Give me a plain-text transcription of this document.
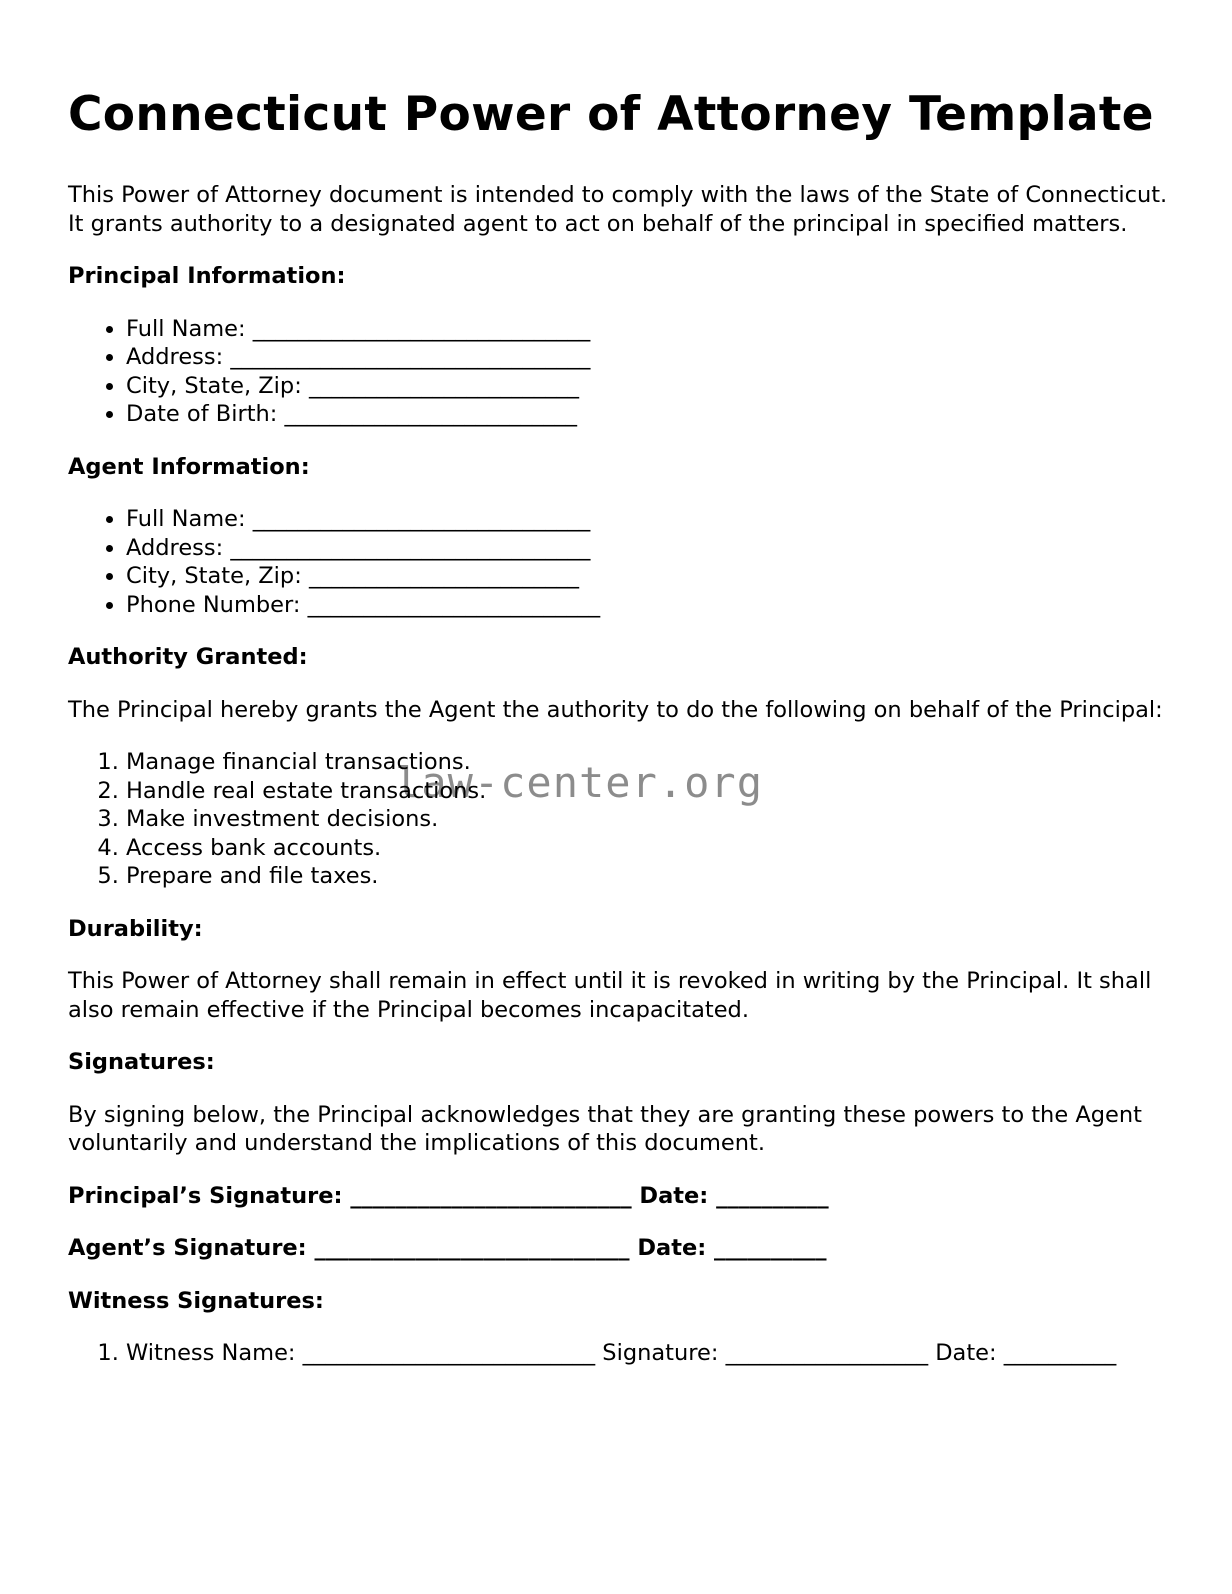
Connecticut Power of Attorney Template

This Power of Attorney document is intended to comply with the laws of the State of Connecticut. It grants authority to a designated agent to act on behalf of the principal in specified matters.

Principal Information:
• Full Name: ______________________________
• Address: ________________________________
• City, State, Zip: ________________________
• Date of Birth: __________________________
Agent Information:
• Full Name: ______________________________
• Address: ________________________________
• City, State, Zip: ________________________
• Phone Number: __________________________
Authority Granted:

The Principal hereby grants the Agent the authority to do the following on behalf of the Principal:

1. Manage financial transactions.
2. Handle real estate transactions.
3. Make investment decisions.
4. Access bank accounts.
5. Prepare and file taxes.
Durability:

This Power of Attorney shall remain in effect until it is revoked in writing by the Principal. It shall also remain effective if the Principal becomes incapacitated.

Signatures:

By signing below, the Principal acknowledges that they are granting these powers to the Agent voluntarily and understand the implications of this document.

Principal’s Signature: _________________________ Date: __________
Agent’s Signature: ____________________________ Date: __________
Witness Signatures:
1. Witness Name: __________________________ Signature: __________________ Date: __________
law-center.org
